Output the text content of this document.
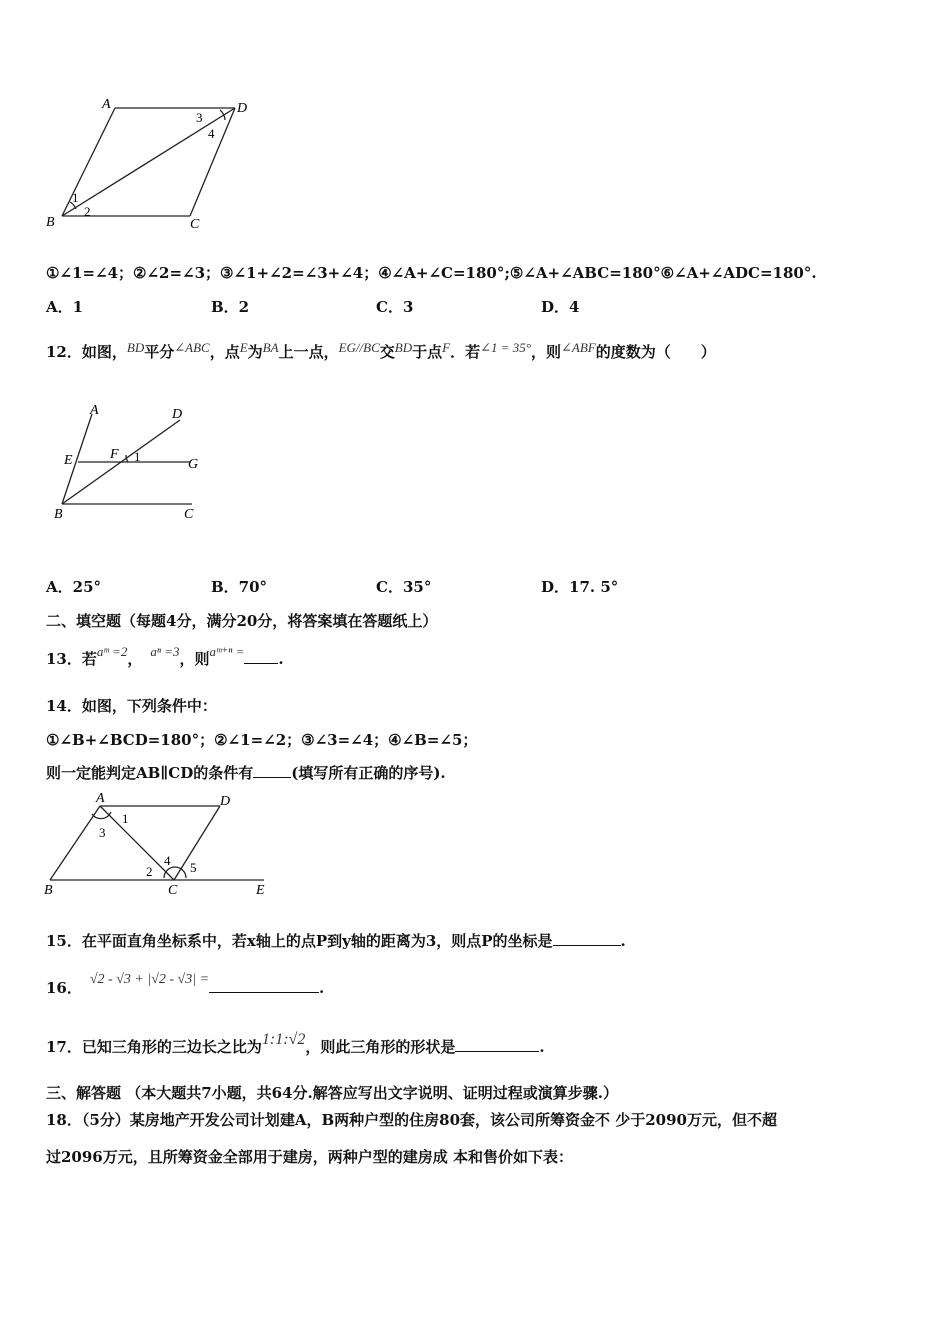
A	D
B	C
1
2
3
4
①∠1=∠4；②∠2=∠3；③∠1+∠2=∠3+∠4；④∠A+∠C=180°;⑤∠A+∠ABC=180°⑥∠A+∠ADC=180°.
A．1	B．2	C．3	D．4
12．如图，BD平分∠ABC，点E为BA上一点，EG//BC交BD于点F．若∠1 = 35°，则∠ABF的度数为（　　）
A	D
E	F
G
B	C
1
A．25°	B．70°	C．35°	D．17. 5°
二、填空题（每题4分，满分20分，将答案填在答题纸上）
13．若aᵐ =2， aⁿ =3，则aᵐ⁺ⁿ = .
14．如图，下列条件中：
①∠B+∠BCD=180°；②∠1=∠2；③∠3=∠4；④∠B=∠5；
则一定能判定AB∥CD的条件有	(填写所有正确的序号).
A	D
B	C	E
1
3
2
4 5
15．在平面直角坐标系中，若x轴上的点P到y轴的距离为3，则点P的坐标是	.
16． √2 - √3 + |√2 - √3| =	.
17．已知三角形的三边长之比为1:1:√2，则此三角形的形状是	.
三、解答题 （本大题共7小题，共64分.解答应写出文字说明、证明过程或演算步骤.）
18．（5分）某房地产开发公司计划建A，B两种户型的住房80套，该公司所筹资金不 少于2090万元，但不超
过2096万元，且所筹资金全部用于建房，两种户型的建房成 本和售价如下表：
